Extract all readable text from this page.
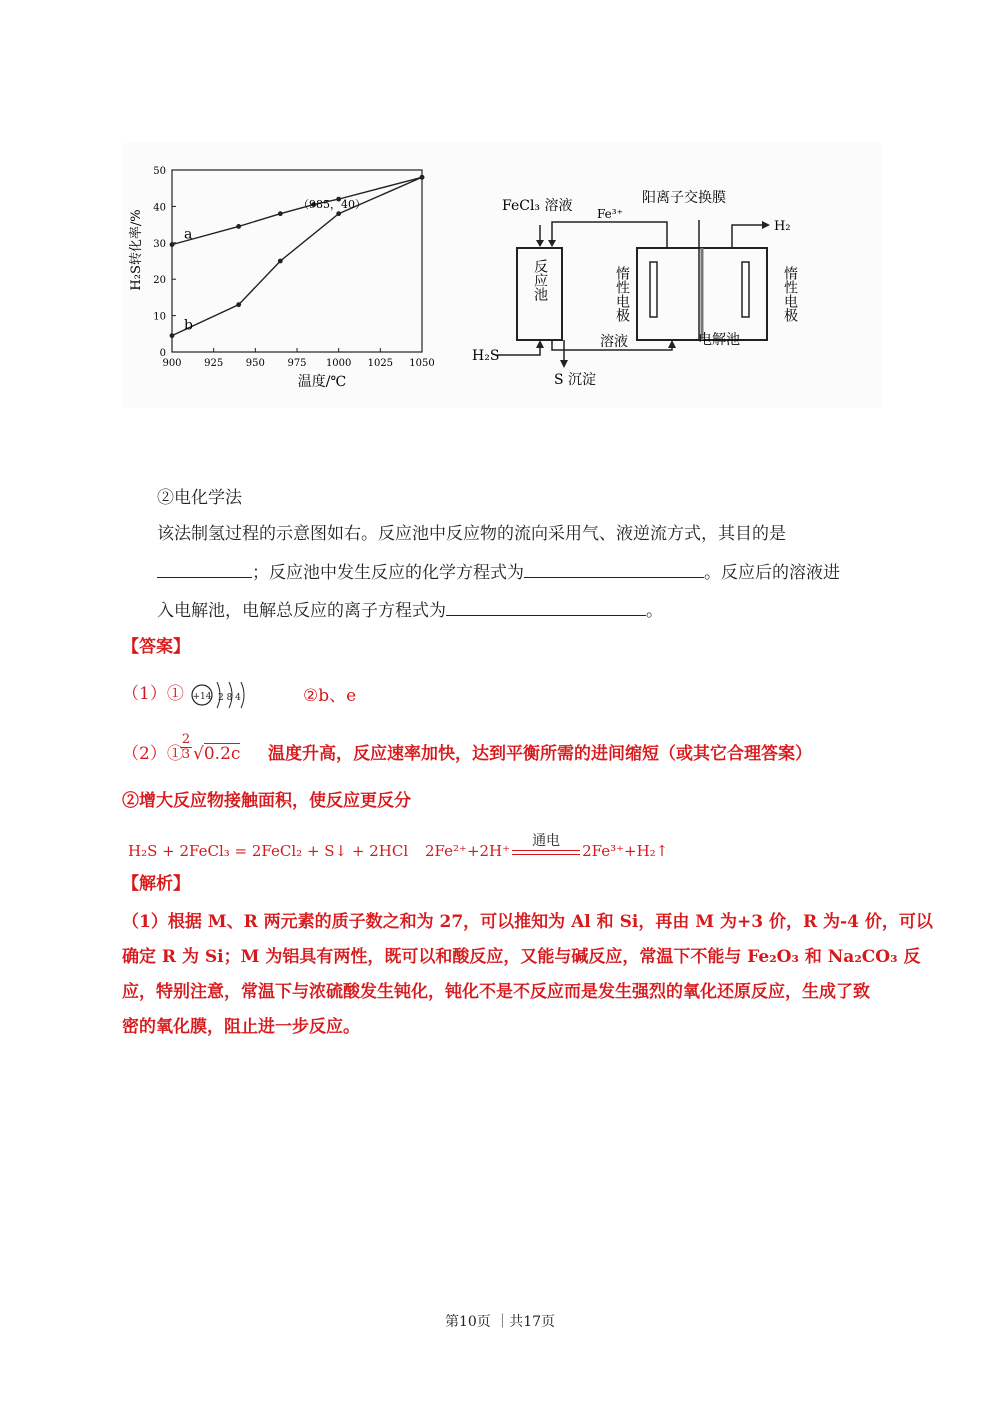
900 925 950 975 1000 1025 1050
0
10
20
30
40
50
a
b
温度/℃
H₂S转化率/%
（985，40）	FeCl₃ 溶液 Fe³⁺
阳离子交换膜
H₂
反应池	惰性电极	惰性电极
溶液	电解池
H₂S
S 沉淀
②电化学法
该法制氢过程的示意图如右。反应池中反应物的流向采用气、液逆流方式，其目的是
；反应池中发生反应的化学方程式为	。反应后的溶液进
入电解池，电解总反应的离子方程式为	。
【答案】
（1）① +14 2 8 4	②b、e
（2）①
$\frac{2}{3} √0.2c$ 温度升高，反应速率加快，达到平衡所需的进间缩短（或其它合理答案）
②增大反应物接触面积，使反应更反分
H₂S + 2FeCl₃ = 2FeCl₂ + S↓ + 2HCl 2Fe²⁺+2H⁺
通电
2Fe³⁺+H₂↑
【解析】
（1）根据 M、R 两元素的质子数之和为 27，可以推知为 Al 和 Si，再由 M 为+3 价，R 为-4 价，可以
确定 R 为 Si；M 为铝具有两性，既可以和酸反应，又能与碱反应，常温下不能与 Fe₂O₃ 和 Na₂CO₃ 反
应，特别注意，常温下与浓硫酸发生钝化，钝化不是不反应而是发生强烈的氧化还原反应，生成了致
密的氧化膜，阻止进一步反应。
第10页 ｜共17页
